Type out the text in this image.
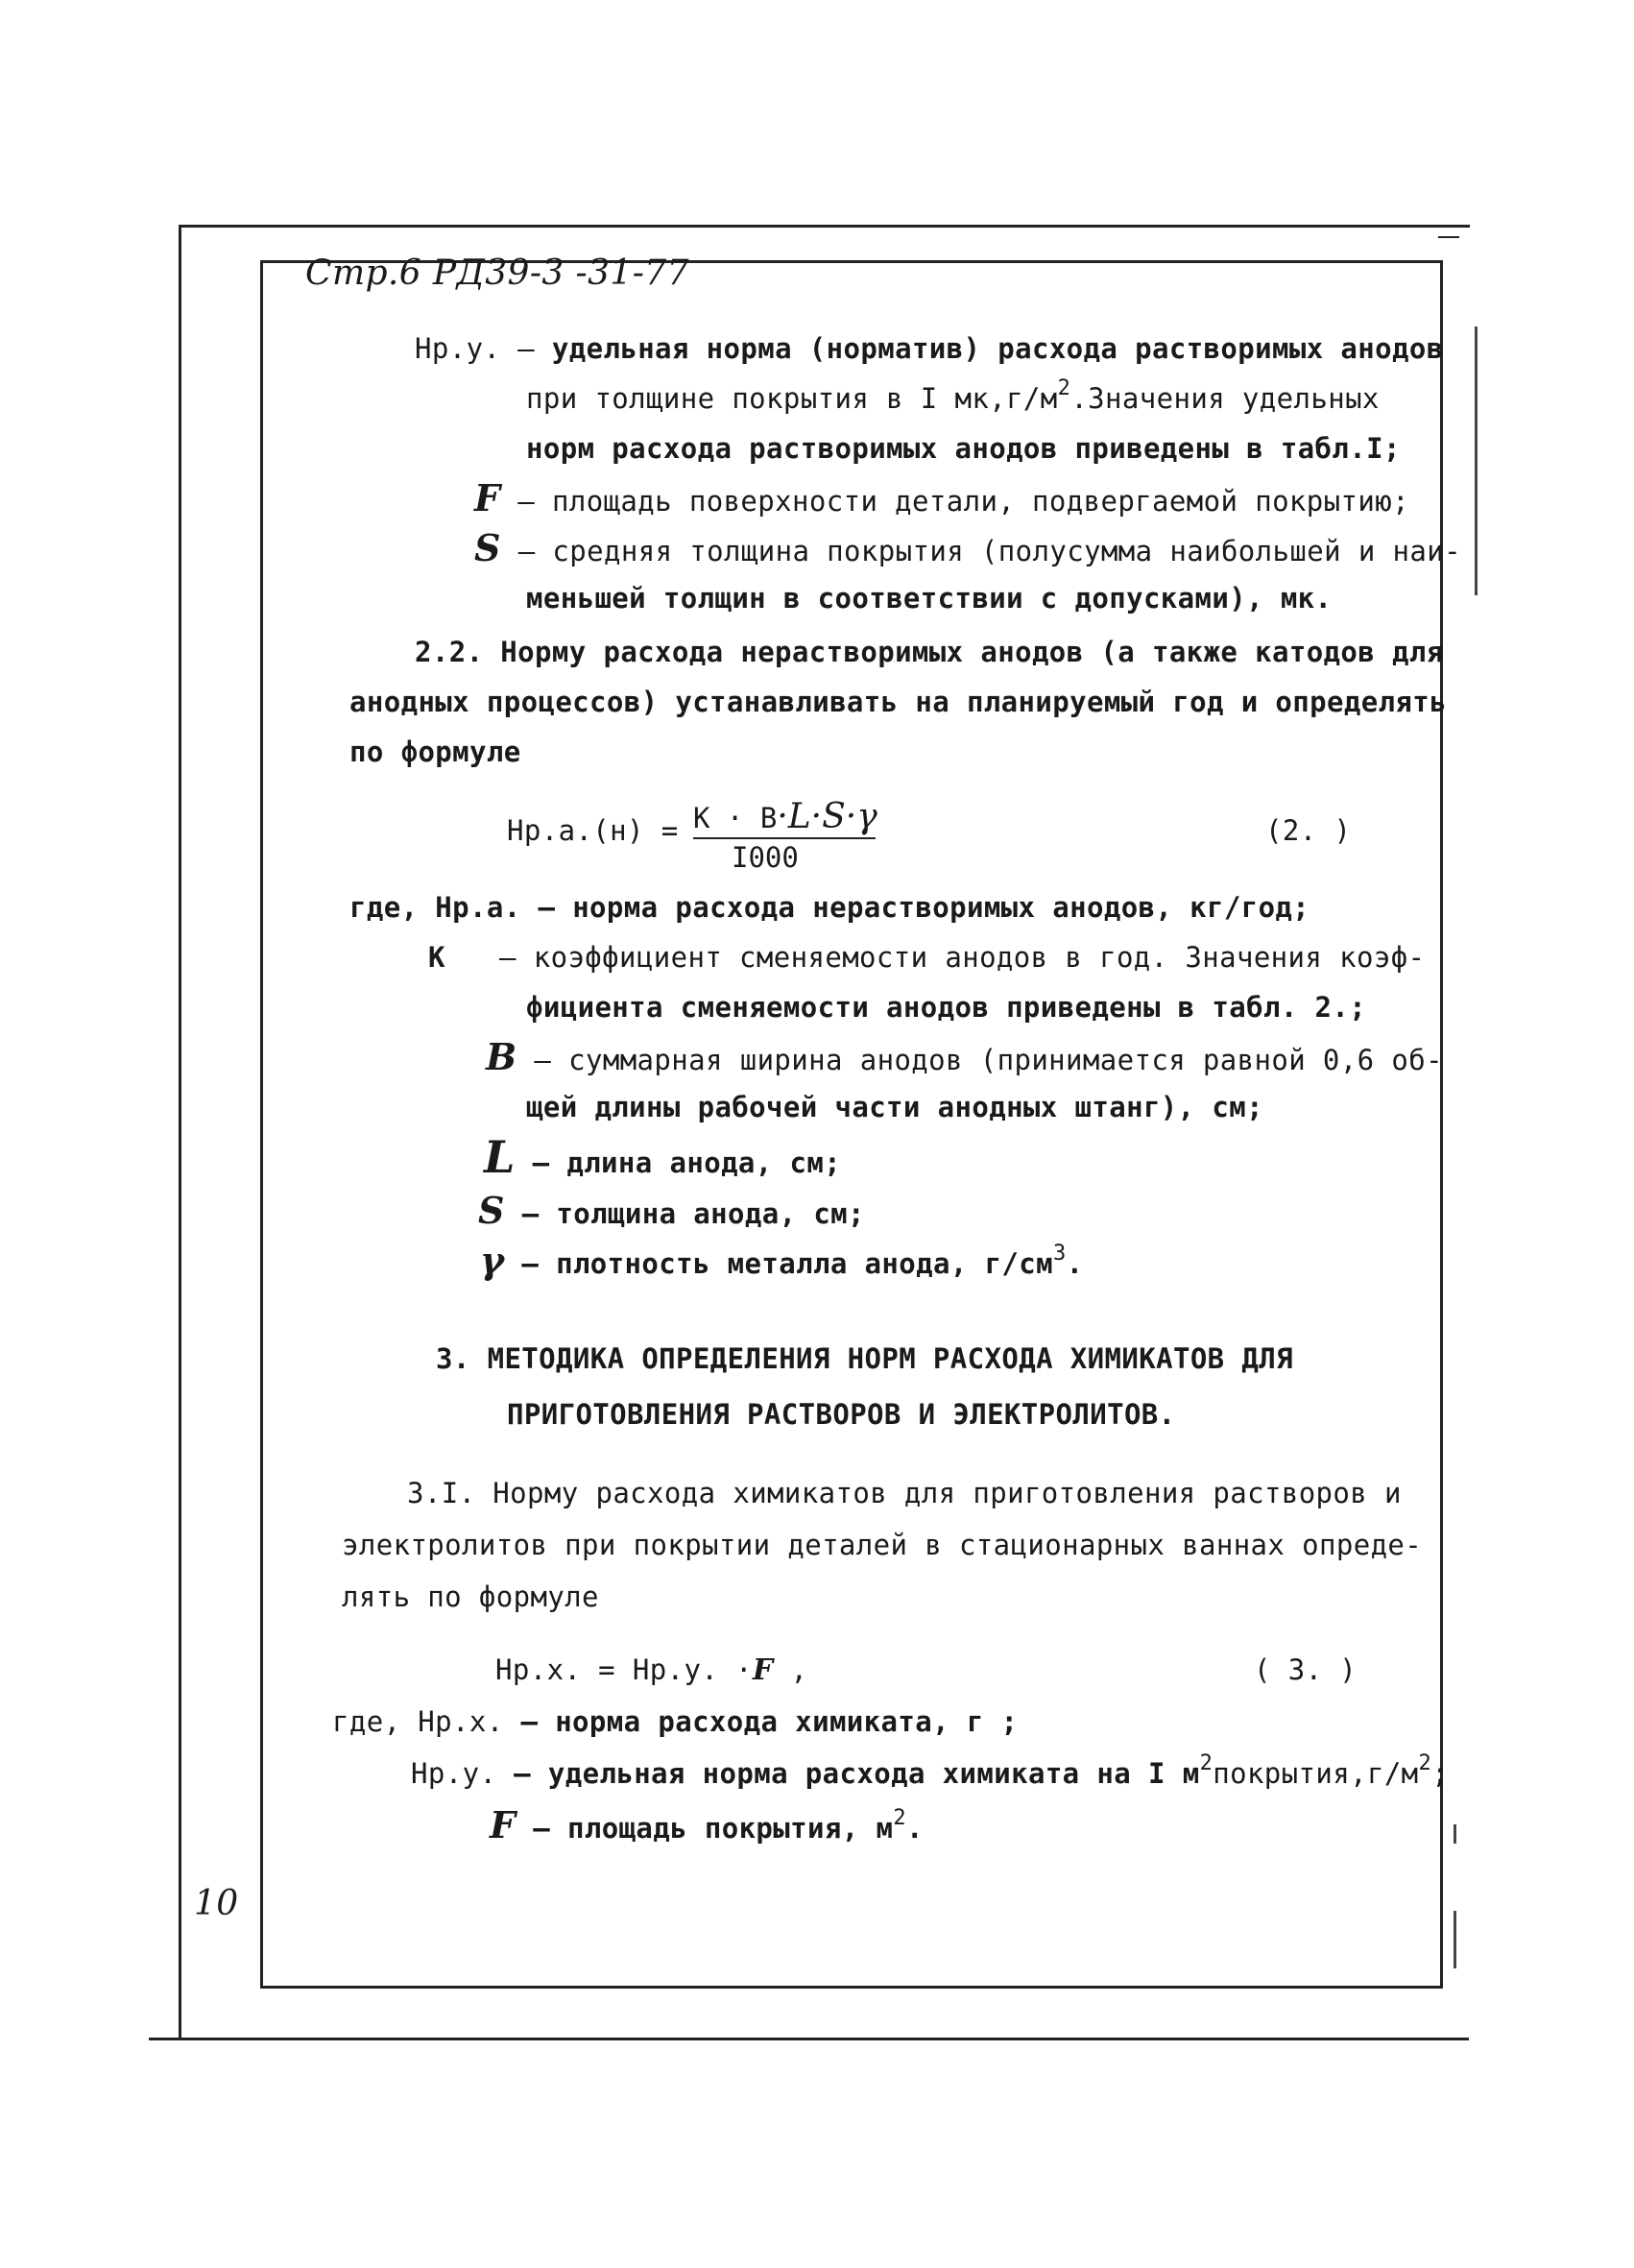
Стр.6 РД39-3 -31-77
Нр.у. – удельная норма (норматив) расхода растворимых анодов
при толщине покрытия в I $мк,г/м^2.Значения$ удельных
норм расхода растворимых анодов приведены в табл.I;
F – площадь поверхности детали, подвергаемой покрытию;
S – средняя толщина покрытия (полусумма наибольшей и наи-
меньшей толщин в соответствии с допусками), мк.
2.2. Норму расхода нерастворимых анодов (а также катодов для
анодных процессов) устанавливать на планируемый год и определять
по формуле
Нр.а.(н) = К · В·L·S·γ
I000
(2. )
где, Нр.а. – норма расхода нерастворимых анодов, кг/год;
К – коэффициент сменяемости анодов в год. Значения коэф-
фициента сменяемости анодов приведены в табл. 2.;
В – суммарная ширина анодов (принимается равной 0,6 об-
щей длины рабочей части анодных штанг), см;
L – длина анода, см;
S – толщина анода, см;
γ – плотность металла анода, $г/см^3$.
3. МЕТОДИКА ОПРЕДЕЛЕНИЯ НОРМ РАСХОДА ХИМИКАТОВ ДЛЯ
ПРИГОТОВЛЕНИЯ РАСТВОРОВ И ЭЛЕКТРОЛИТОВ.
3.I. Норму расхода химикатов для приготовления растворов и
электролитов при покрытии деталей в стационарных ваннах опреде-
лять по формуле
Нр.х. = Нр.у. ·F ,	( 3. )
где, Нр.х. – норма расхода химиката, г ;
Нр.у. – удельная норма расхода химиката на I $м^2покрытия,г/м^2$;
F – площадь покрытия, $м^2$.
10
